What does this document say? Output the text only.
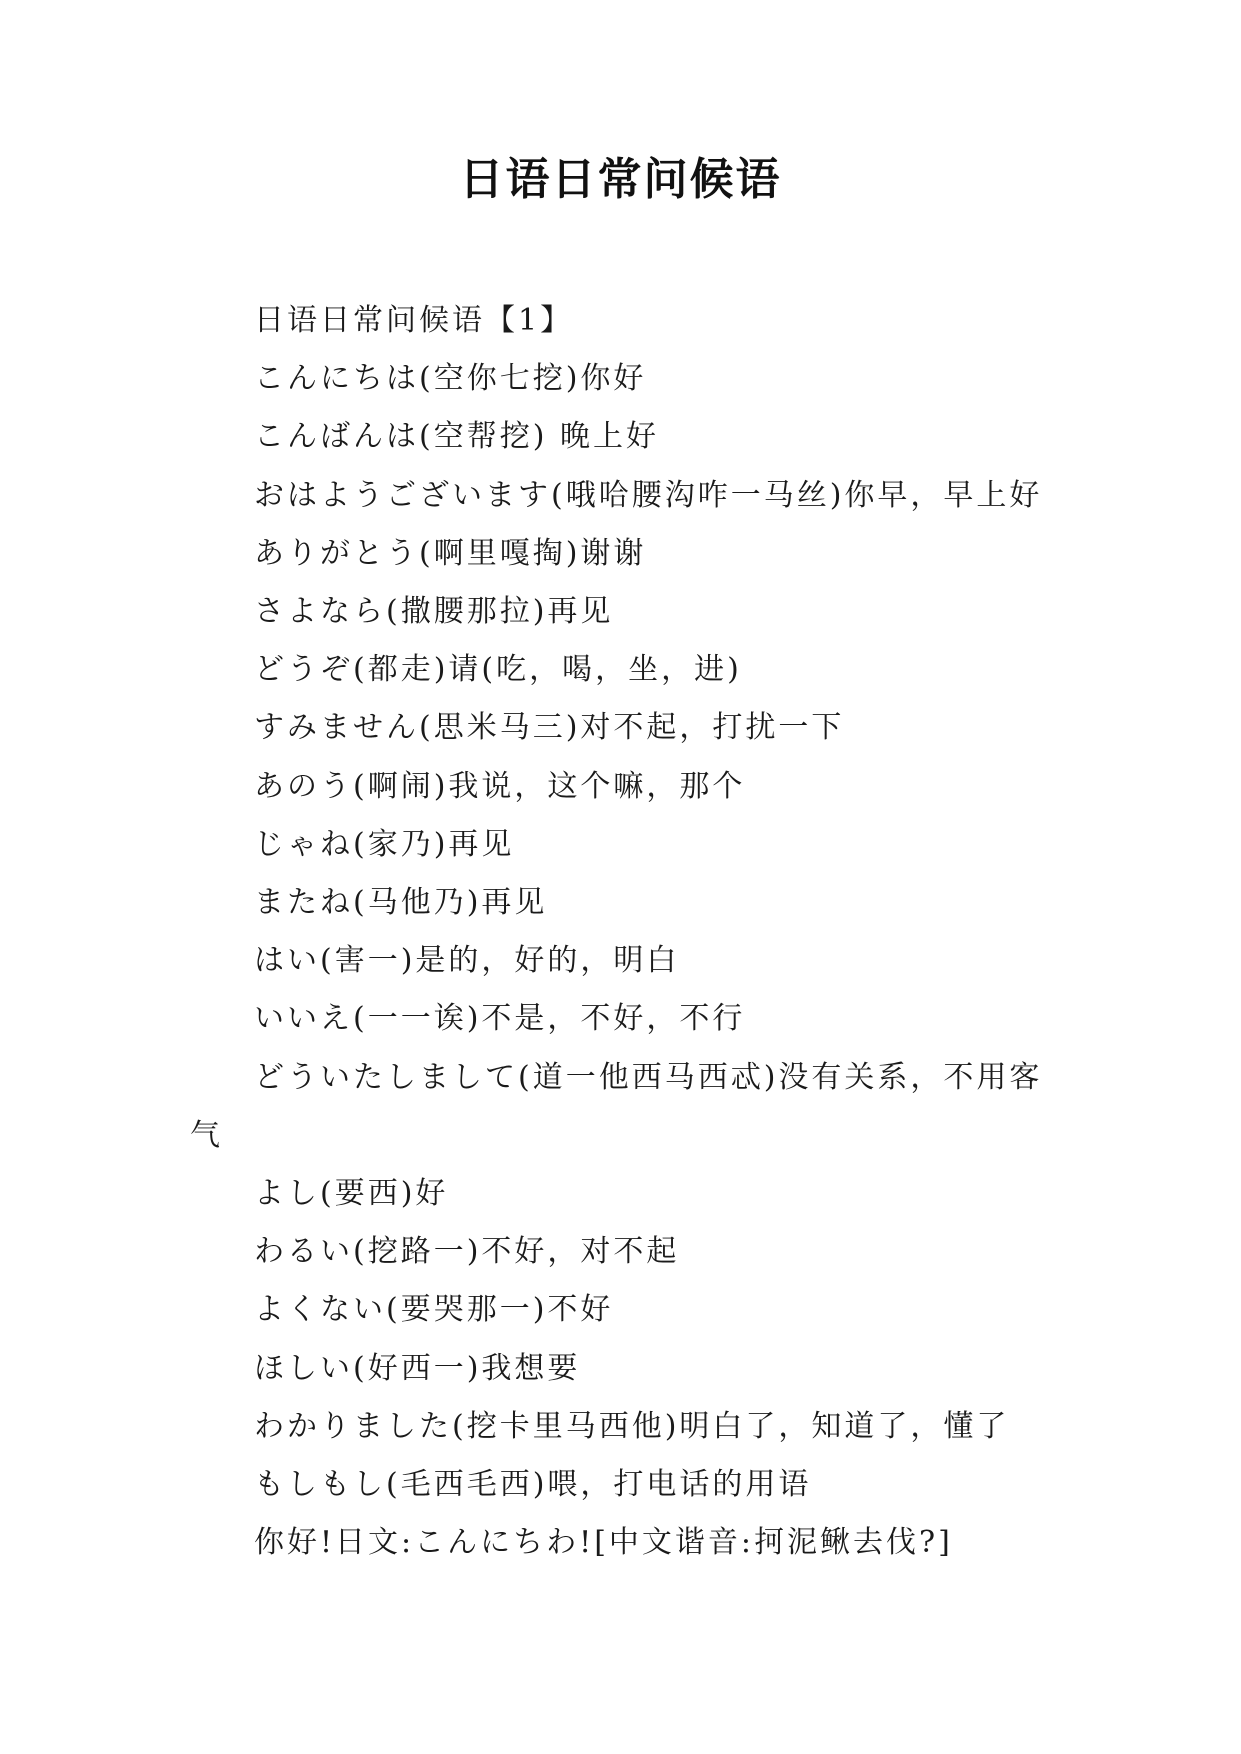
日语日常问候语

日语日常问候语【1】

こんにちは(空你七挖)你好

こんばんは(空帮挖) 晚上好

おはようございます(哦哈腰沟咋一马丝)你早，早上好

ありがとう(啊里嘎掏)谢谢

さよなら(撒腰那拉)再见

どうぞ(都走)请(吃，喝，坐，进)

すみません(思米马三)对不起，打扰一下

あのう(啊闹)我说，这个嘛，那个

じゃね(家乃)再见

またね(马他乃)再见

はい(害一)是的，好的，明白

いいえ(一一诶)不是，不好，不行

どういたしまして(道一他西马西忒)没有关系，不用客气

よし(要西)好

わるい(挖路一)不好，对不起

よくない(要哭那一)不好

ほしい(好西一)我想要

わかりました(挖卡里马西他)明白了，知道了，懂了

もしもし(毛西毛西)喂，打电话的用语

你好!日文:こんにちわ![中文谐音:抲泥鳅去伐?]
